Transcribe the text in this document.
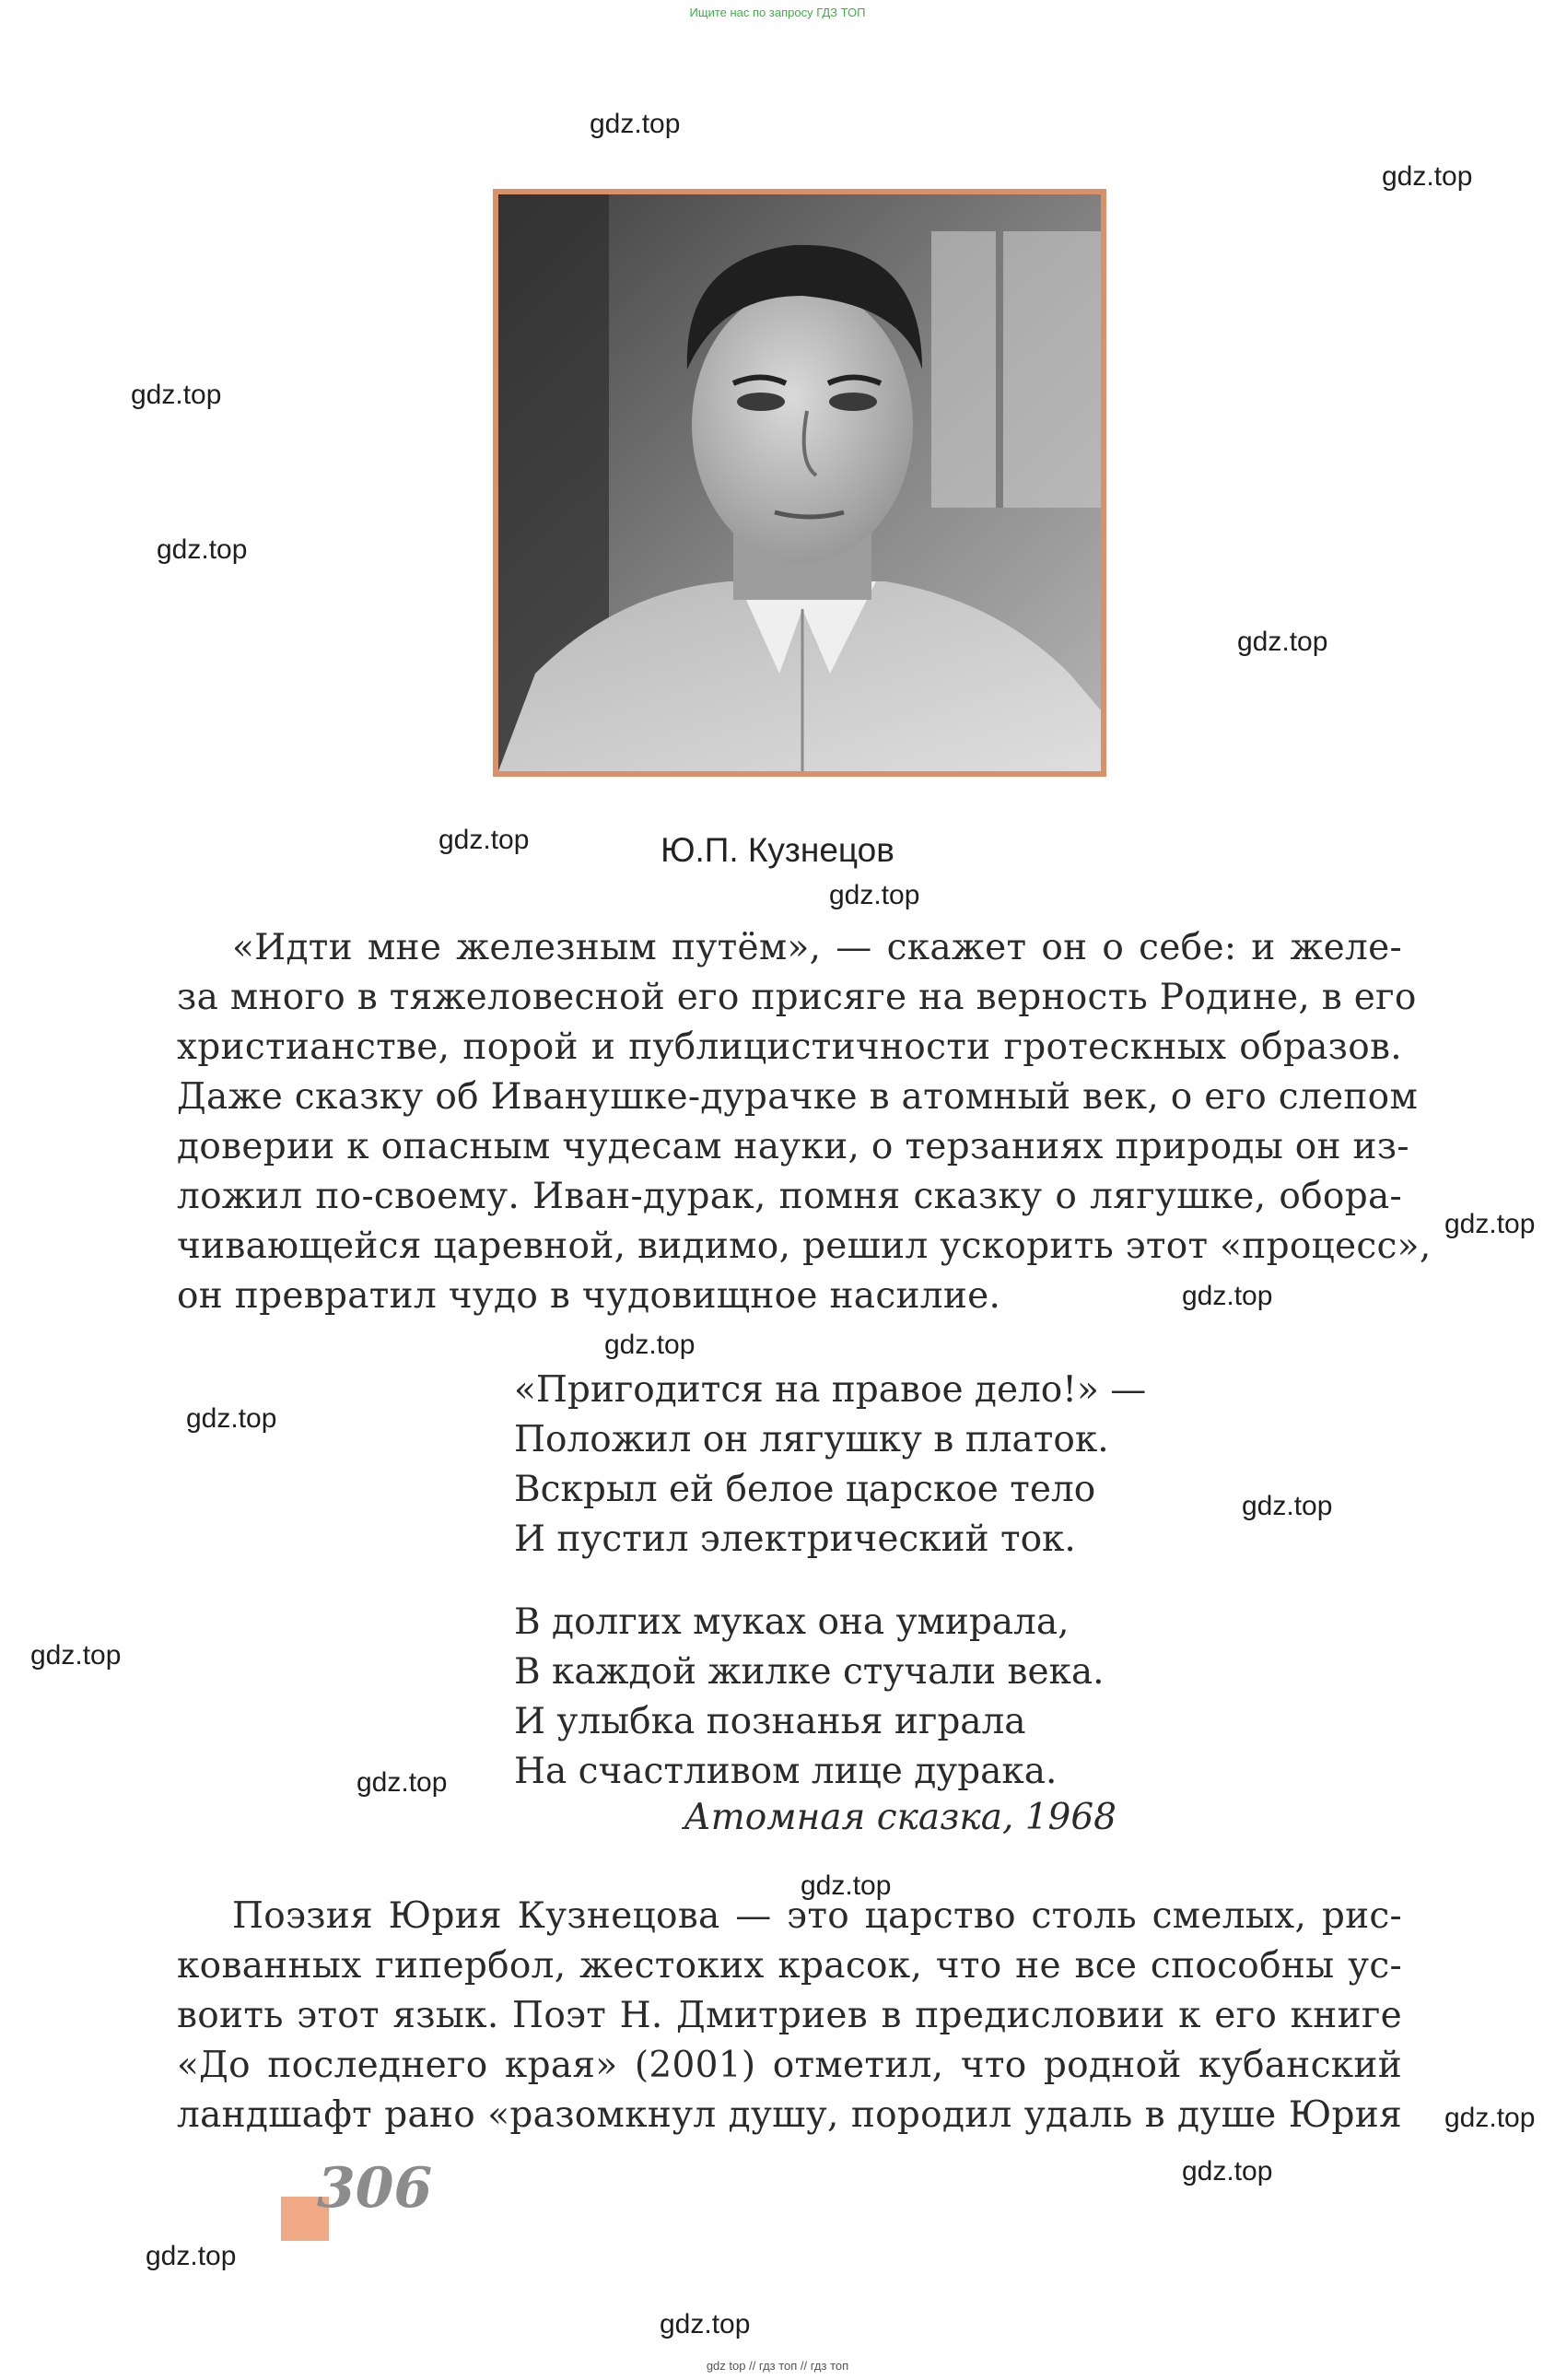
Ищите нас по запросу ГДЗ ТОП
gdz.top
gdz.top
gdz.top
gdz.top
gdz.top
gdz.top
gdz.top
gdz.top
gdz.top
gdz.top
gdz.top
gdz.top
gdz.top
gdz.top
gdz.top
gdz.top
gdz.top
gdz.top
gdz.top
Ю.П. Кузнецов

«Идти мне железным путём», — скажет он о себе: и желе-
за много в тяжеловесной его присяге на верность Родине, в его
христианстве, порой и публицистичности гротескных образов.
Даже сказку об Иванушке-дурачке в атомный век, о его слепом
доверии к опасным чудесам науки, о терзаниях природы он из-
ложил по-своему. Иван-дурак, помня сказку о лягушке, обора-
чивающейся царевной, видимо, решил ускорить этот «процесс»,
он превратил чудо в чудовищное насилие.

«Пригодится на правое дело!» —
Положил он лягушку в платок.
Вскрыл ей белое царское тело
И пустил электрический ток.

В долгих муках она умирала,
В каждой жилке стучали века.
И улыбка познанья играла
На счастливом лице дурака.

Атомная сказка, 1968

Поэзия Юрия Кузнецова — это царство столь смелых, рис-
кованных гипербол, жестоких красок, что не все способны ус-
воить этот язык. Поэт Н. Дмитриев в предисловии к его книге
«До последнего края» (2001) отметил, что родной кубанский
ландшафт рано «разомкнул душу, породил удаль в душе Юрия

306
gdz top // гдз топ // гдз топ
